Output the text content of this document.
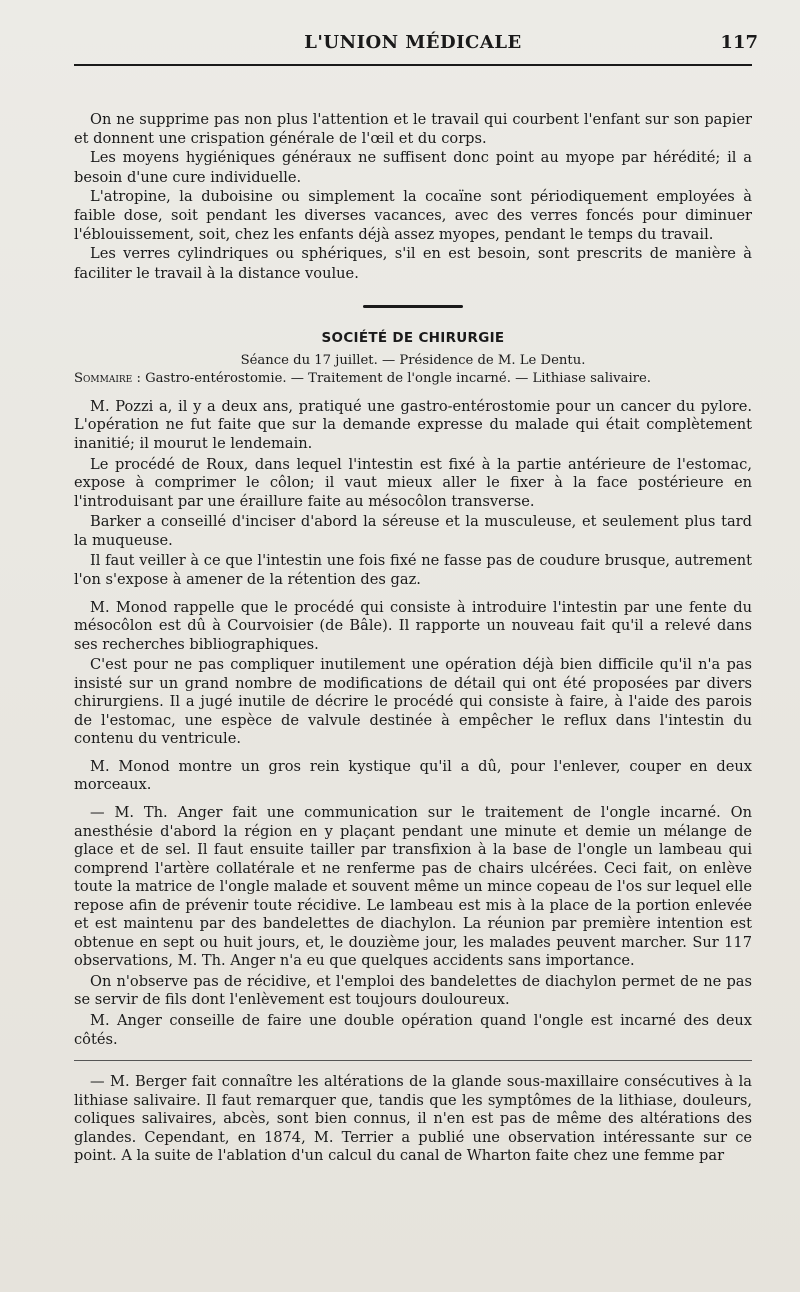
L'UNION MÉDICALE	117

On ne supprime pas non plus l'attention et le travail qui courbent l'enfant sur son papier et donnent une crispation générale de l'œil et du corps.

Les moyens hygiéniques généraux ne suffisent donc point au myope par hérédité; il a besoin d'une cure individuelle.

L'atropine, la duboisine ou simplement la cocaïne sont périodiquement employées à faible dose, soit pendant les diverses vacances, avec des verres foncés pour diminuer l'éblouissement, soit, chez les enfants déjà assez myopes, pendant le temps du travail.

Les verres cylindriques ou sphériques, s'il en est besoin, sont prescrits de manière à faciliter le travail à la distance voulue.

SOCIÉTÉ DE CHIRURGIE

Séance du 17 juillet. — Présidence de M. Le Dentu.

Sommaire : Gastro-entérostomie. — Traitement de l'ongle incarné. — Lithiase salivaire.

M. Pozzi a, il y a deux ans, pratiqué une gastro-entérostomie pour un cancer du pylore. L'opération ne fut faite que sur la demande expresse du malade qui était complètement inanitié; il mourut le lendemain.

Le procédé de Roux, dans lequel l'intestin est fixé à la partie antérieure de l'estomac, expose à comprimer le côlon; il vaut mieux aller le fixer à la face postérieure en l'introduisant par une éraillure faite au mésocôlon transverse.

Barker a conseillé d'inciser d'abord la séreuse et la musculeuse, et seulement plus tard la muqueuse.

Il faut veiller à ce que l'intestin une fois fixé ne fasse pas de coudure brusque, autrement l'on s'expose à amener de la rétention des gaz.

M. Monod rappelle que le procédé qui consiste à introduire l'intestin par une fente du mésocôlon est dû à Courvoisier (de Bâle). Il rapporte un nouveau fait qu'il a relevé dans ses recherches bibliographiques.

C'est pour ne pas compliquer inutilement une opération déjà bien difficile qu'il n'a pas insisté sur un grand nombre de modifications de détail qui ont été proposées par divers chirurgiens. Il a jugé inutile de décrire le procédé qui consiste à faire, à l'aide des parois de l'estomac, une espèce de valvule destinée à empêcher le reflux dans l'intestin du contenu du ventricule.

M. Monod montre un gros rein kystique qu'il a dû, pour l'enlever, couper en deux morceaux.

— M. Th. Anger fait une communication sur le traitement de l'ongle incarné. On anesthésie d'abord la région en y plaçant pendant une minute et demie un mélange de glace et de sel. Il faut ensuite tailler par transfixion à la base de l'ongle un lambeau qui comprend l'artère collatérale et ne renferme pas de chairs ulcérées. Ceci fait, on enlève toute la matrice de l'ongle malade et souvent même un mince copeau de l'os sur lequel elle repose afin de prévenir toute récidive. Le lambeau est mis à la place de la portion enlevée et est maintenu par des bandelettes de diachylon. La réunion par première intention est obtenue en sept ou huit jours, et, le douzième jour, les malades peuvent marcher. Sur 117 observations, M. Th. Anger n'a eu que quelques accidents sans importance.

On n'observe pas de récidive, et l'emploi des bandelettes de diachylon permet de ne pas se servir de fils dont l'enlèvement est toujours douloureux.

M. Anger conseille de faire une double opération quand l'ongle est incarné des deux côtés.

— M. Berger fait connaître les altérations de la glande sous-maxillaire consécutives à la lithiase salivaire. Il faut remarquer que, tandis que les symptômes de la lithiase, douleurs, coliques salivaires, abcès, sont bien connus, il n'en est pas de même des altérations des glandes. Cependant, en 1874, M. Terrier a publié une observation intéressante sur ce point. A la suite de l'ablation d'un calcul du canal de Wharton faite chez une femme par
